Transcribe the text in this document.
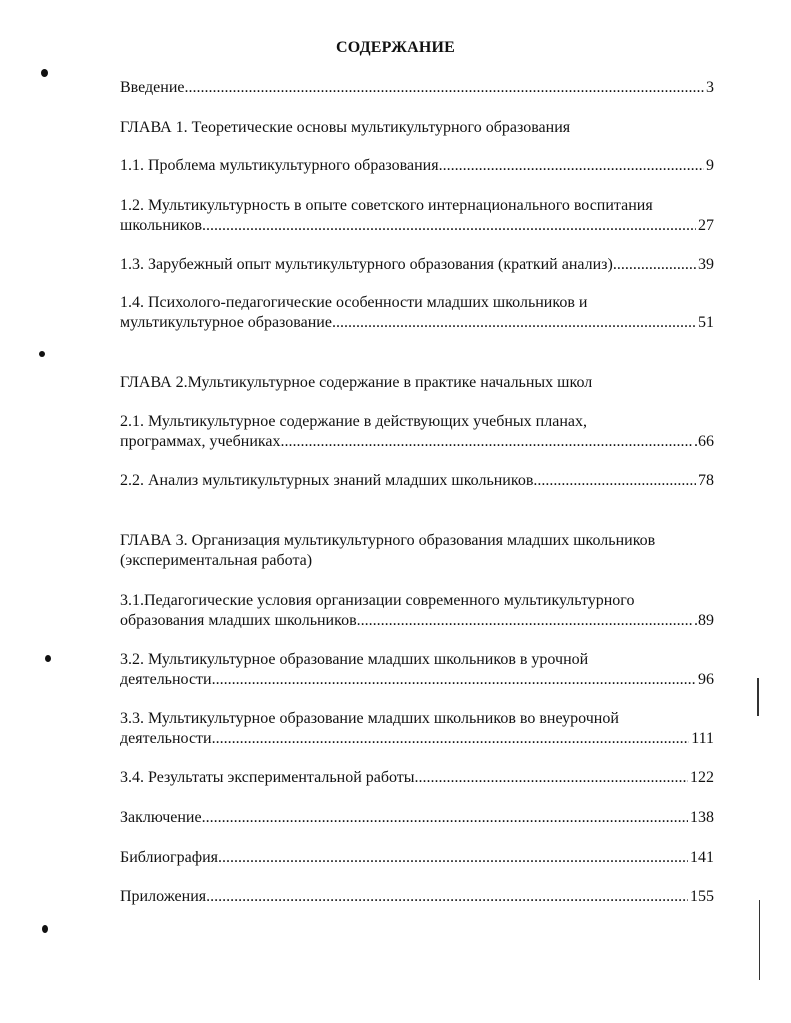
СОДЕРЖАНИЕ
Введение .....	3
ГЛАВА 1. Теоретические основы мультикультурного образования
1.1. Проблема мультикультурного образования .....	9
1.2. Мультикультурность в опыте советского интернационального воспитания
школьников .....	27
1.3. Зарубежный опыт мультикультурного образования (краткий анализ) .....	39
1.4. Психолого-педагогические особенности младших школьников и
мультикультурное образование .....	51
ГЛАВА 2.Мультикультурное содержание в практике начальных школ
2.1. Мультикультурное содержание в действующих учебных планах,
программах, учебниках .....	.66
2.2. Анализ мультикультурных знаний младших школьников .....	78
ГЛАВА 3. Организация мультикультурного образования младших школьников
(экспериментальная работа)
3.1.Педагогические условия организации современного мультикультурного
образования младших школьников .....	.89
3.2. Мультикультурное образование младших школьников в урочной
деятельности .....	96
3.3. Мультикультурное образование младших школьников во внеурочной
деятельности .....	111
3.4. Результаты экспериментальной работы .....	122
Заключение .....	138
Библиография .....	141
Приложения .....	155
